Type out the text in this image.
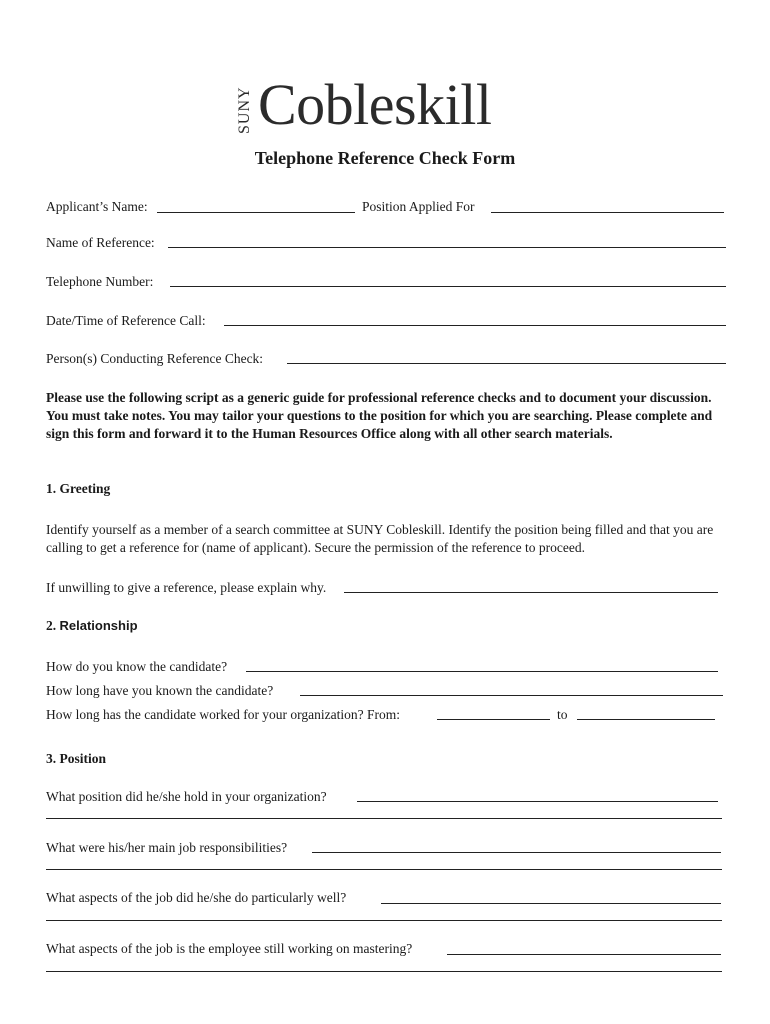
SUNY Cobleskill
Telephone Reference Check Form
Applicant’s Name:	Position Applied For
Name of Reference:
Telephone Number:
Date/Time of Reference Call:
Person(s) Conducting Reference Check:
Please use the following script as a generic guide for professional reference checks and to document your discussion. You must take notes. You may tailor your questions to the position for which you are searching. Please complete and sign this form and forward it to the Human Resources Office along with all other search materials.
1. Greeting
Identify yourself as a member of a search committee at SUNY Cobleskill. Identify the position being filled and that you are calling to get a reference for (name of applicant). Secure the permission of the reference to proceed.
If unwilling to give a reference, please explain why.
2. Relationship
How do you know the candidate?
How long have you known the candidate?
How long has the candidate worked for your organization? From:	to
3. Position
What position did he/she hold in your organization?
What were his/her main job responsibilities?
What aspects of the job did he/she do particularly well?
What aspects of the job is the employee still working on mastering?
